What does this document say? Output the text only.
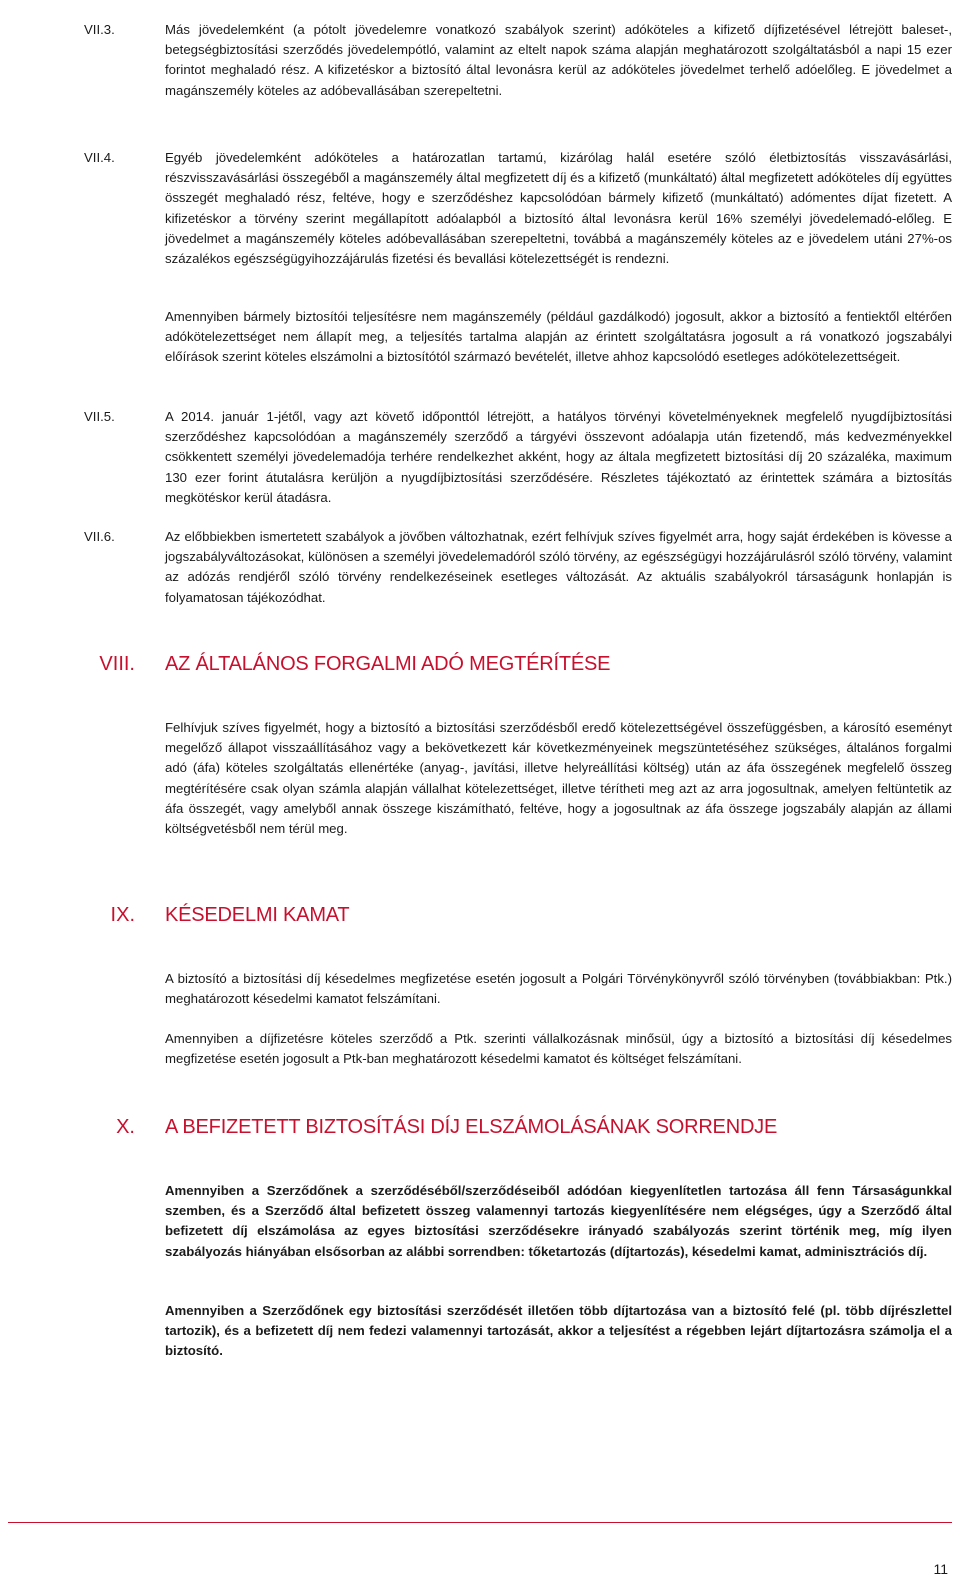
VII.3.	Más jövedelemként (a pótolt jövedelemre vonatkozó szabályok szerint) adóköteles a kifizető díjfizetésével létrejött baleset-, betegségbiztosítási szerződés jövedelempótló, valamint az eltelt napok száma alapján meghatározott szolgáltatásból a napi 15 ezer forintot meghaladó rész. A kifizetéskor a biztosító által levonásra kerül az adóköteles jövedelmet terhelő adóelőleg. E jövedelmet a magánszemély köteles az adóbevallásában szerepeltetni.

VII.4.	Egyéb jövedelemként adóköteles a határozatlan tartamú, kizárólag halál esetére szóló életbiztosítás visszavásárlási, részvisszavásárlási összegéből a magánszemély által megfizetett díj és a kifizető (munkáltató) által megfizetett adóköteles díj együttes összegét meghaladó rész, feltéve, hogy e szerződéshez kapcsolódóan bármely kifizető (munkáltató) adómentes díjat fizetett. A kifizetéskor a törvény szerint megállapított adóalapból a biztosító által levonásra kerül 16% személyi jövedelemadó-előleg. E jövedelmet a magánszemély köteles adóbevallásában szerepeltetni, továbbá a magánszemély köteles az e jövedelem utáni 27%-os százalékos egészségügyihozzájárulás fizetési és bevallási kötelezettségét is rendezni.

Amennyiben bármely biztosítói teljesítésre nem magánszemély (például gazdálkodó) jogosult, akkor a biztosító a fentiektől eltérően adókötelezettséget nem állapít meg, a teljesítés tartalma alapján az érintett szolgáltatásra jogosult a rá vonatkozó jogszabályi előírások szerint köteles elszámolni a biztosítótól származó bevételét, illetve ahhoz kapcsolódó esetleges adókötelezettségeit.

VII.5.	A 2014. január 1-jétől, vagy azt követő időponttól létrejött, a hatályos törvényi követelményeknek megfelelő nyugdíjbiztosítási szerződéshez kapcsolódóan a magánszemély szerződő a tárgyévi összevont adóalapja után fizetendő, más kedvezményekkel csökkentett személyi jövedelemadója terhére rendelkezhet akként, hogy az általa megfizetett biztosítási díj 20 százaléka, maximum 130 ezer forint átutalásra kerüljön a nyugdíjbiztosítási szerződésére. Részletes tájékoztató az érintettek számára a biztosítás megkötéskor kerül átadásra.

VII.6.	Az előbbiekben ismertetett szabályok a jövőben változhatnak, ezért felhívjuk szíves figyelmét arra, hogy saját érdekében is kövesse a jogszabályváltozásokat, különösen a személyi jövedelemadóról szóló törvény, az egészségügyi hozzájárulásról szóló törvény, valamint az adózás rendjéről szóló törvény rendelkezéseinek esetleges változását. Az aktuális szabályokról társaságunk honlapján is folyamatosan tájékozódhat.

VIII. AZ ÁLTALÁNOS FORGALMI ADÓ MEGTÉRÍTÉSE

Felhívjuk szíves figyelmét, hogy a biztosító a biztosítási szerződésből eredő kötelezettségével összefüggésben, a károsító eseményt megelőző állapot visszaállításához vagy a bekövetkezett kár következményeinek megszüntetéséhez szükséges, általános forgalmi adó (áfa) köteles szolgáltatás ellenértéke (anyag-, javítási, illetve helyreállítási költség) után az áfa összegének megfelelő összeg megtérítésére csak olyan számla alapján vállalhat kötelezettséget, illetve térítheti meg azt az arra jogosultnak, amelyen feltüntetik az áfa összegét, vagy amelyből annak összege kiszámítható, feltéve, hogy a jogosultnak az áfa összege jogszabály alapján az állami költségvetésből nem térül meg.

IX. KÉSEDELMI KAMAT

A biztosító a biztosítási díj késedelmes megfizetése esetén jogosult a Polgári Törvénykönyvről szóló törvényben (továbbiakban: Ptk.) meghatározott késedelmi kamatot felszámítani.

Amennyiben a díjfizetésre köteles szerződő a Ptk. szerinti vállalkozásnak minősül, úgy a biztosító a biztosítási díj késedelmes megfizetése esetén jogosult a Ptk-ban meghatározott késedelmi kamatot és költséget felszámítani.

X. A BEFIZETETT BIZTOSÍTÁSI DÍJ ELSZÁMOLÁSÁNAK SORRENDJE

Amennyiben a Szerződőnek a szerződéséből/szerződéseiből adódóan kiegyenlítetlen tartozása áll fenn Társaságunkkal szemben, és a Szerződő által befizetett összeg valamennyi tartozás kiegyenlítésére nem elégséges, úgy a Szerződő által befizetett díj elszámolása az egyes biztosítási szerződésekre irányadó szabályozás szerint történik meg, míg ilyen szabályozás hiányában elsősorban az alábbi sorrendben: tőketartozás (díjtartozás), késedelmi kamat, adminisztrációs díj.

Amennyiben a Szerződőnek egy biztosítási szerződését illetően több díjtartozása van a biztosító felé (pl. több díjrészlettel tartozik), és a befizetett díj nem fedezi valamennyi tartozását, akkor a teljesítést a régebben lejárt díjtartozásra számolja el a biztosító.

11
